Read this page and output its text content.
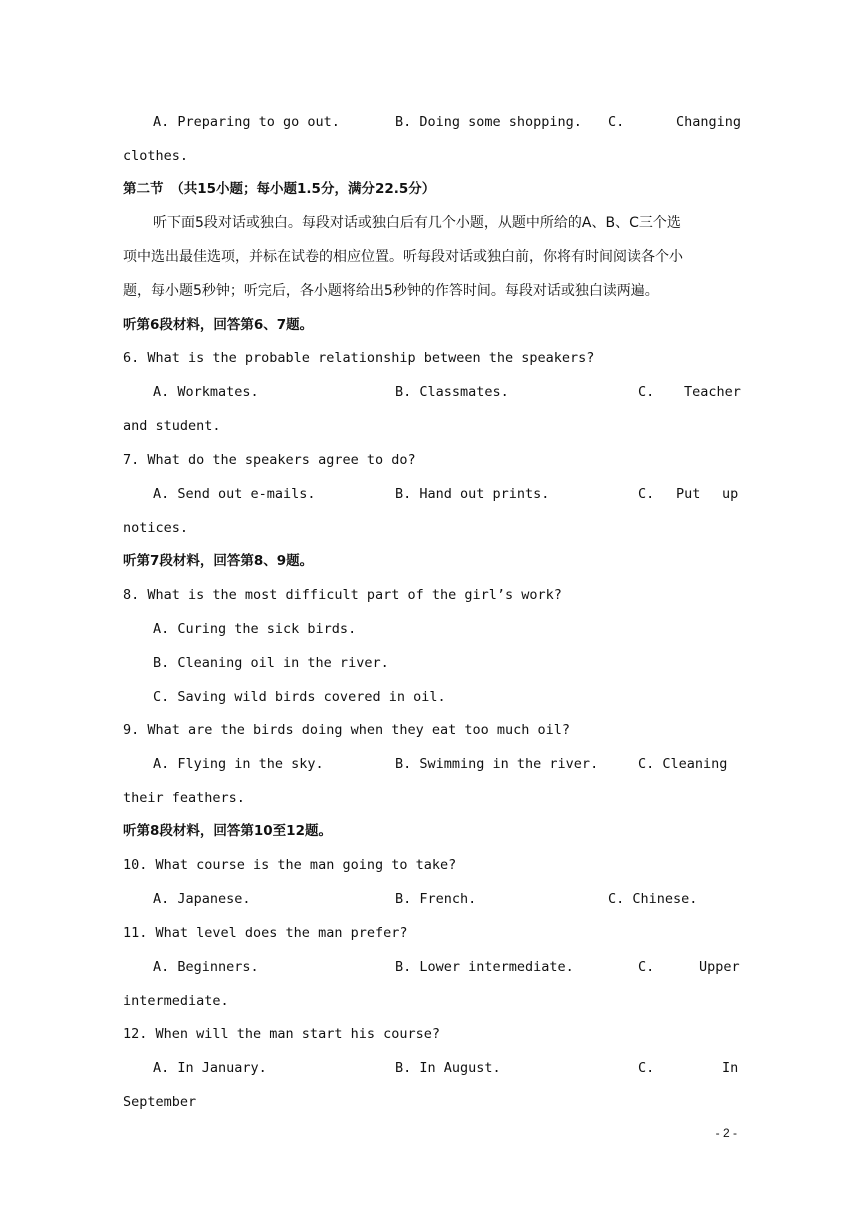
A. Preparing to go out.	B. Doing some shopping. C.	Changing
clothes.
第二节　（共15小题；每小题1.5分，满分22.5分）
听下面5段对话或独白。每段对话或独白后有几个小题，从题中所给的A、B、C三个选
项中选出最佳选项，并标在试卷的相应位置。听每段对话或独白前，你将有时间阅读各个小
题，每小题5秒钟；听完后，各小题将给出5秒钟的作答时间。每段对话或独白读两遍。
听第6段材料，回答第6、7题。
6. What is the probable relationship between the speakers?
A. Workmates.	B. Classmates.	C. Teacher
and student.
7. What do the speakers agree to do?
A. Send out e-mails.	B. Hand out prints.	C. Put up
notices.
听第7段材料，回答第8、9题。
8. What is the most difficult part of the girl’s work?
A. Curing the sick birds.
B. Cleaning oil in the river.
C. Saving wild birds covered in oil.
9. What are the birds doing when they eat too much oil?
A. Flying in the sky.	B. Swimming in the river.	C. Cleaning
their feathers.
听第8段材料，回答第10至12题。
10. What course is the man going to take?
A. Japanese.	B. French.	C. Chinese.
11. What level does the man prefer?
A. Beginners.	B. Lower intermediate.	C.	Upper
intermediate.
12. When will the man start his course?
A. In January.	B. In August.	C.	In
September
- 2 -
